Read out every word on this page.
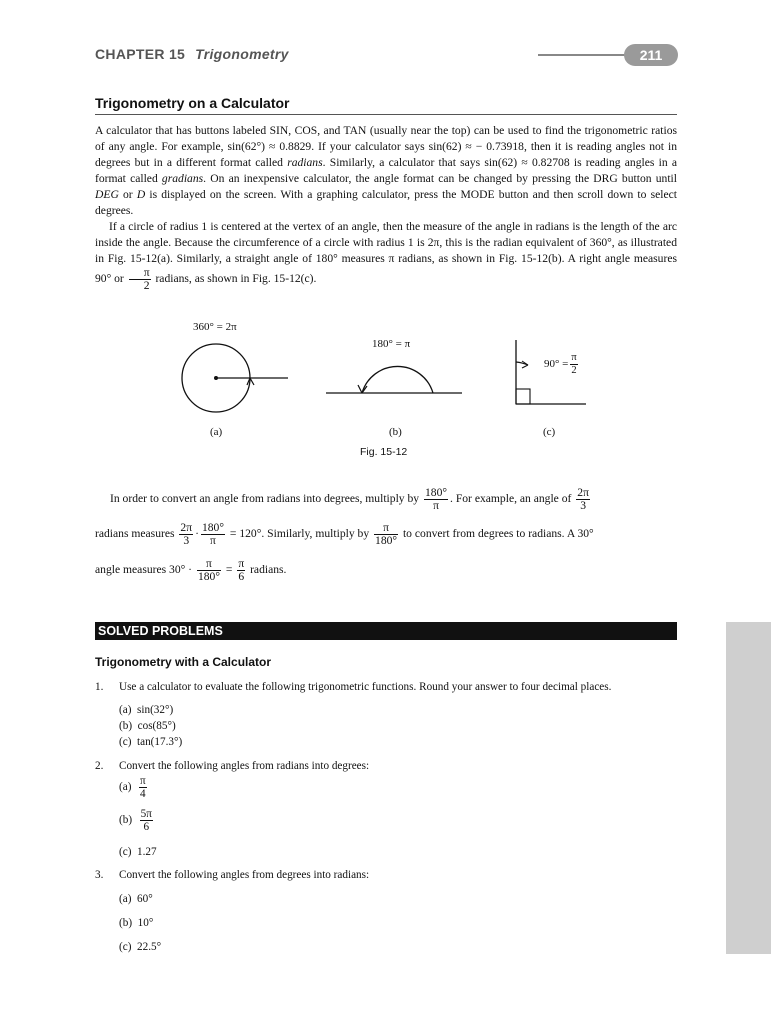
CHAPTER 15 Trigonometry	211
Trigonometry on a Calculator

A calculator that has buttons labeled SIN, COS, and TAN (usually near the top) can be used to find the trigonometric ratios of any angle. For example, sin(62°) ≈ 0.8829. If your calculator says sin(62) ≈ − 0.73918, then it is reading angles not in degrees but in a different format called radians. Similarly, a calculator that says sin(62) ≈ 0.82708 is reading angles in a format called gradians. On an inexpensive calculator, the angle format can be changed by pressing the DRG button until DEG or D is displayed on the screen. With a graphing calculator, press the MODE button and then scroll down to select degrees.

If a circle of radius 1 is centered at the vertex of an angle, then the measure of the angle in radians is the length of the arc inside the angle. Because the circumference of a circle with radius 1 is 2π, this is the radian equivalent of 360°, as illustrated in Fig. 15-12(a). Similarly, a straight angle of 180° measures π radians, as shown in Fig. 15-12(b). A right angle measures 90° or $\frac{\pi}{2}$ radians, as shown in Fig. 15-12(c).

360° = 2π
180° = π
$90^\circ = \frac{\pi}{2}$
(a)	(b)	(c)
Fig. 15-12
In order to convert an angle from radians into degrees, multiply by $\frac{180^\circ}{\pi}$ . For example, an angle of $\frac{2\pi}{3}$
radians measures $\frac{2\pi}{3} \cdot \frac{180^\circ}{\pi} = 120^\circ$. Similarly, multiply by $\frac{\pi}{180^\circ}$ to convert from degrees to radians. A 30°
angle measures $30^\circ \cdot \frac{\pi}{180^\circ} = \frac{\pi}{6}$ radians.
SOLVED PROBLEMS
Trigonometry with a Calculator
1. Use a calculator to evaluate the following trigonometric functions. Round your answer to four decimal places.
(a) sin(32°)
(b) cos(85°)
(c) tan(17.3°)
2. Convert the following angles from radians into degrees:
$(a) \frac{\pi}{4}$
$(b) \frac{5\pi}{6}$
(c) 1.27
3. Convert the following angles from degrees into radians:
(a) 60°
(b) 10°
(c) 22.5°
